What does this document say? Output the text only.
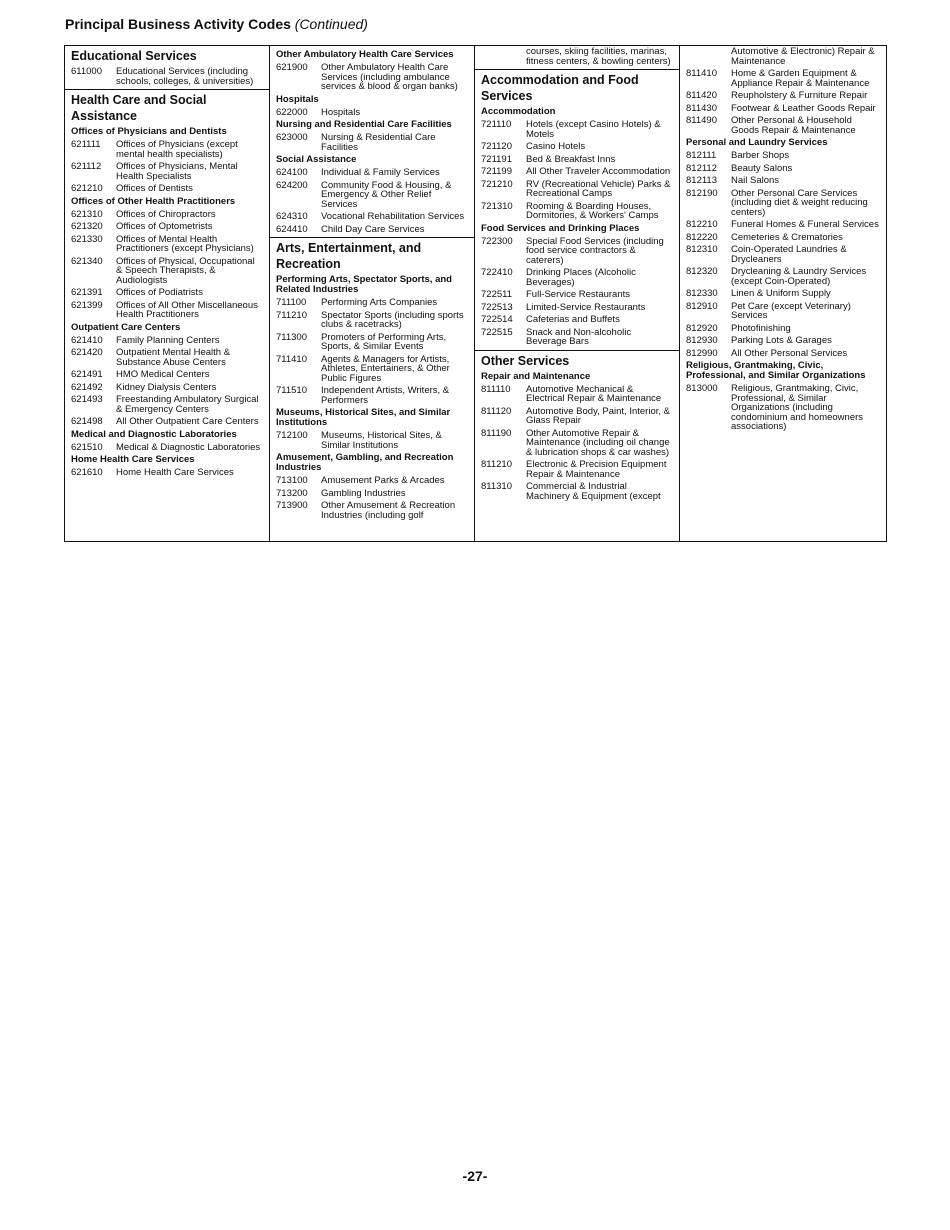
Principal Business Activity Codes (Continued)
Educational Services
611000	Educational Services (including schools, colleges, & universities)
Health Care and Social Assistance
Offices of Physicians and Dentists
621111	Offices of Physicians (except mental health specialists)
621112	Offices of Physicians, Mental Health Specialists
621210	Offices of Dentists
Offices of Other Health Practitioners
621310	Offices of Chiropractors
621320	Offices of Optometrists
621330	Offices of Mental Health Practitioners (except Physicians)
621340	Offices of Physical, Occupational & Speech Therapists, & Audiologists
621391	Offices of Podiatrists
621399	Offices of All Other Miscellaneous Health Practitioners
Outpatient Care Centers
621410	Family Planning Centers
621420	Outpatient Mental Health & Substance Abuse Centers
621491	HMO Medical Centers
621492	Kidney Dialysis Centers
621493	Freestanding Ambulatory Surgical & Emergency Centers
621498	All Other Outpatient Care Centers
Medical and Diagnostic Laboratories
621510	Medical & Diagnostic Laboratories
Home Health Care Services
621610	Home Health Care Services
Other Ambulatory Health Care Services
621900	Other Ambulatory Health Care Services (including ambulance services & blood & organ banks)
Hospitals
622000	Hospitals
Nursing and Residential Care Facilities
623000	Nursing & Residential Care Facilities
Social Assistance
624100	Individual & Family Services
624200	Community Food & Housing, & Emergency & Other Relief Services
624310	Vocational Rehabilitation Services
624410	Child Day Care Services
Arts, Entertainment, and Recreation
Performing Arts, Spectator Sports, and Related Industries
711100	Performing Arts Companies
711210	Spectator Sports (including sports clubs & racetracks)
711300	Promoters of Performing Arts, Sports, & Similar Events
711410	Agents & Managers for Artists, Athletes, Entertainers, & Other Public Figures
711510	Independent Artists, Writers, & Performers
Museums, Historical Sites, and Similar Institutions
712100	Museums, Historical Sites, & Similar Institutions
Amusement, Gambling, and Recreation Industries
713100	Amusement Parks & Arcades
713200	Gambling Industries
713900	Other Amusement & Recreation Industries (including golf
courses, skiing facilities, marinas, fitness centers, & bowling centers)
Accommodation and Food Services
Accommodation
721110	Hotels (except Casino Hotels) & Motels
721120	Casino Hotels
721191	Bed & Breakfast Inns
721199	All Other Traveler Accommodation
721210	RV (Recreational Vehicle) Parks & Recreational Camps
721310	Rooming & Boarding Houses, Dormitories, & Workers' Camps
Food Services and Drinking Places
722300	Special Food Services (including food service contractors & caterers)
722410	Drinking Places (Alcoholic Beverages)
722511	Full-Service Restaurants
722513	Limited-Service Restaurants
722514	Cafeterias and Buffets
722515	Snack and Non-alcoholic Beverage Bars
Other Services
Repair and Maintenance
811110	Automotive Mechanical & Electrical Repair & Maintenance
811120	Automotive Body, Paint, Interior, & Glass Repair
811190	Other Automotive Repair & Maintenance (including oil change & lubrication shops & car washes)
811210	Electronic & Precision Equipment Repair & Maintenance
811310	Commercial & Industrial Machinery & Equipment (except
Automotive & Electronic) Repair & Maintenance
811410	Home & Garden Equipment & Appliance Repair & Maintenance
811420	Reupholstery & Furniture Repair
811430	Footwear & Leather Goods Repair
811490	Other Personal & Household Goods Repair & Maintenance
Personal and Laundry Services
812111	Barber Shops
812112	Beauty Salons
812113	Nail Salons
812190	Other Personal Care Services (including diet & weight reducing centers)
812210	Funeral Homes & Funeral Services
812220	Cemeteries & Crematories
812310	Coin-Operated Laundries & Drycleaners
812320	Drycleaning & Laundry Services (except Coin-Operated)
812330	Linen & Uniform Supply
812910	Pet Care (except Veterinary) Services
812920	Photofinishing
812930	Parking Lots & Garages
812990	All Other Personal Services
Religious, Grantmaking, Civic, Professional, and Similar Organizations
813000	Religious, Grantmaking, Civic, Professional, & Similar Organizations (including condominium and homeowners associations)
-27-
